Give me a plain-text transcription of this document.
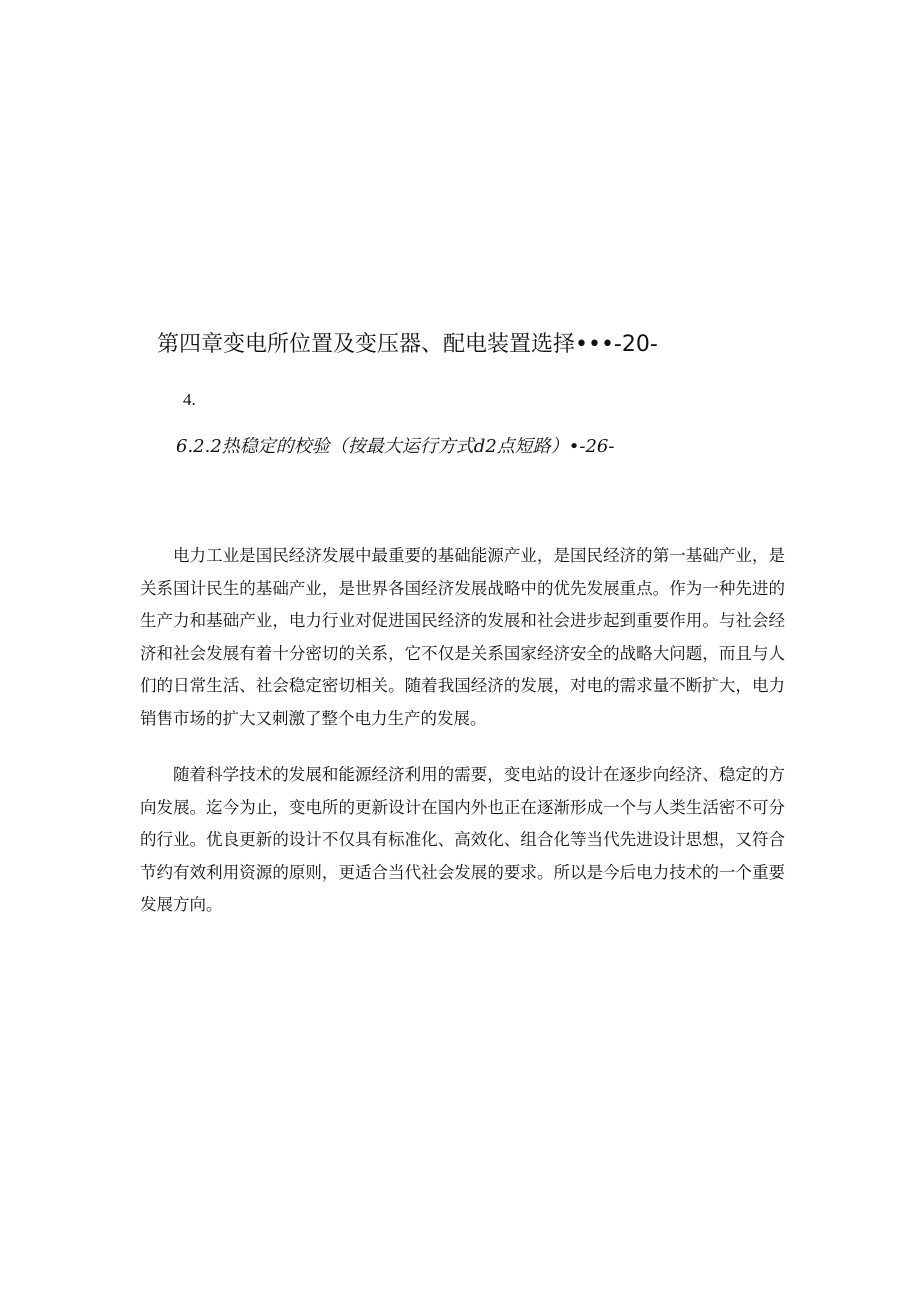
第四章变电所位置及变压器、配电装置选择•••-20-
4.
6.2.2热稳定的校验（按最大运行方式d2点短路）•-26-

电力工业是国民经济发展中最重要的基础能源产业，是国民经济的第一基础产业，是关系国计民生的基础产业，是世界各国经济发展战略中的优先发展重点。作为一种先进的生产力和基础产业，电力行业对促进国民经济的发展和社会进步起到重要作用。与社会经济和社会发展有着十分密切的关系，它不仅是关系国家经济安全的战略大问题，而且与人们的日常生活、社会稳定密切相关。随着我国经济的发展，对电的需求量不断扩大，电力销售市场的扩大又刺激了整个电力生产的发展。

随着科学技术的发展和能源经济利用的需要，变电站的设计在逐步向经济、稳定的方向发展。迄今为止，变电所的更新设计在国内外也正在逐渐形成一个与人类生活密不可分的行业。优良更新的设计不仅具有标准化、高效化、组合化等当代先进设计思想，又符合节约有效利用资源的原则，更适合当代社会发展的要求。所以是今后电力技术的一个重要发展方向。
